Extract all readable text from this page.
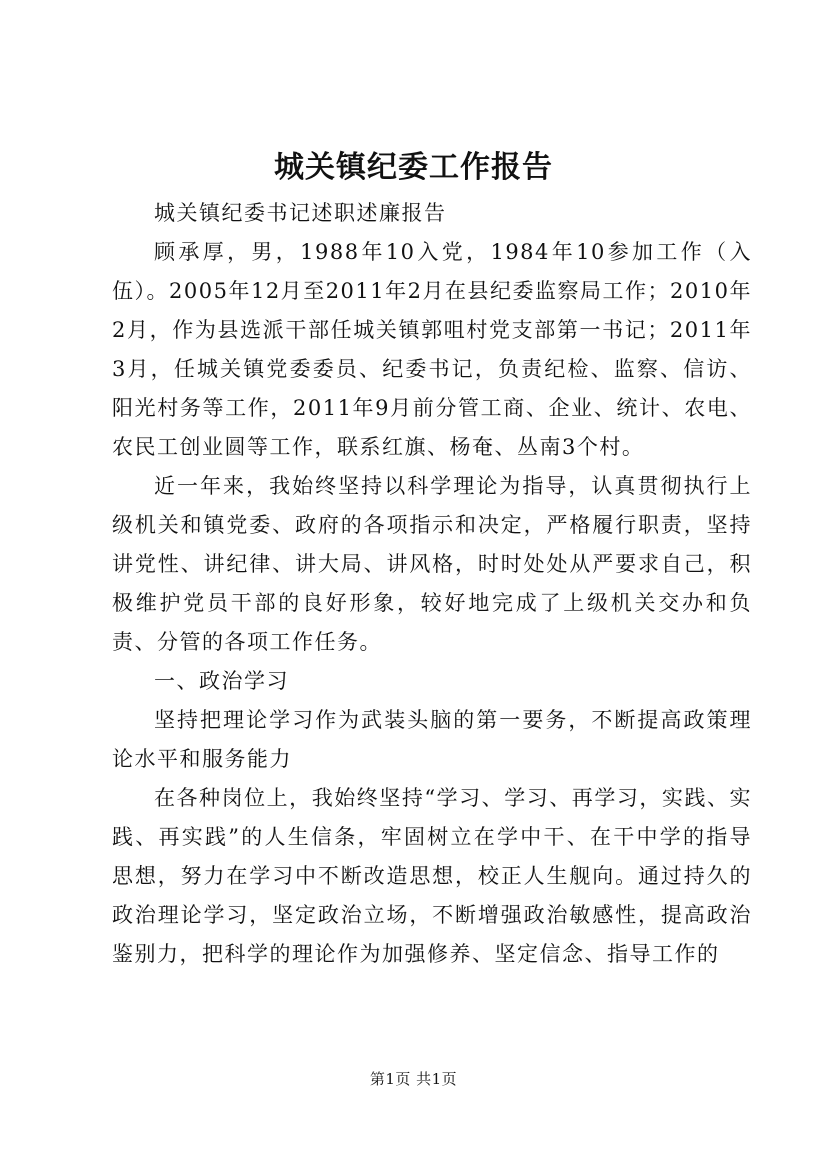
城关镇纪委工作报告

城关镇纪委书记述职述廉报告

顾承厚，男，1988年10入党，1984年10参加工作（入伍）。2005年12月至2011年2月在县纪委监察局工作；2010年2月，作为县选派干部任城关镇郭咀村党支部第一书记；2011年3月，任城关镇党委委员、纪委书记，负责纪检、监察、信访、阳光村务等工作，2011年9月前分管工商、企业、统计、农电、农民工创业圆等工作，联系红旗、杨奄、丛南3个村。

近一年来，我始终坚持以科学理论为指导，认真贯彻执行上级机关和镇党委、政府的各项指示和决定，严格履行职责，坚持讲党性、讲纪律、讲大局、讲风格，时时处处从严要求自己，积极维护党员干部的良好形象，较好地完成了上级机关交办和负责、分管的各项工作任务。

一、政治学习

坚持把理论学习作为武装头脑的第一要务，不断提高政策理论水平和服务能力

在各种岗位上，我始终坚持“学习、学习、再学习，实践、实践、再实践”的人生信条，牢固树立在学中干、在干中学的指导思想，努力在学习中不断改造思想，校正人生舰向。通过持久的政治理论学习，坚定政治立场，不断增强政治敏感性，提高政治鉴别力，把科学的理论作为加强修养、坚定信念、指导工作的

第1页 共1页
